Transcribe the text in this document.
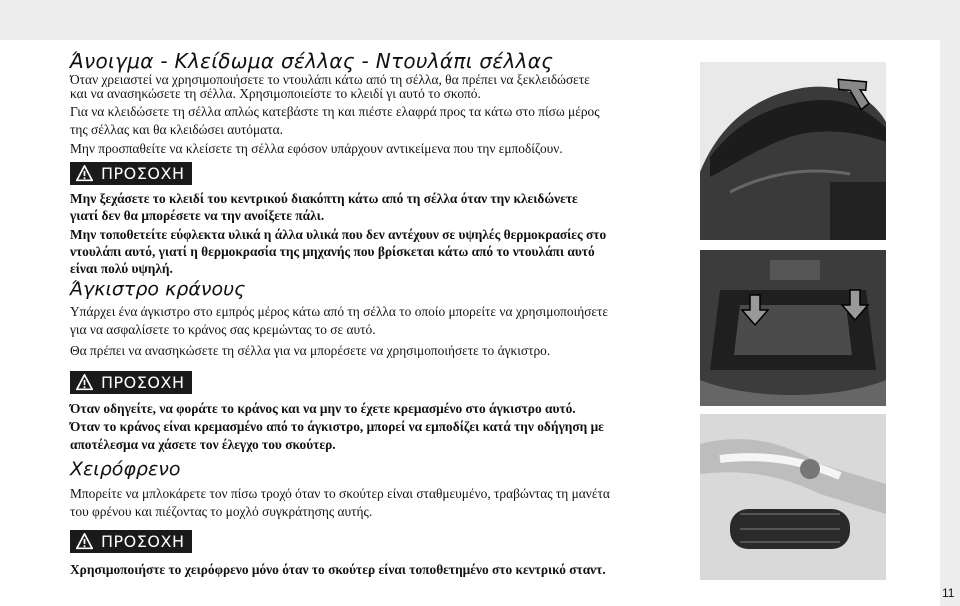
Άνοιγμα - Κλείδωμα σέλλας - Ντουλάπι σέλλας

Όταν χρειαστεί να χρησιμοποιήσετε το ντουλάπι κάτω από τη σέλλα, θα πρέπει να ξεκλειδώσετε

και να ανασηκώσετε τη σέλλα. Χρησιμοποιείστε το κλειδί γι αυτό το σκοπό.

Για να κλειδώσετε τη σέλλα απλώς κατεβάστε τη και πιέστε ελαφρά προς τα κάτω στο πίσω μέρος

της σέλλας και θα κλειδώσει αυτόματα.

Μην προσπαθείτε να κλείσετε τη σέλλα εφόσον υπάρχουν αντικείμενα που την εμποδίζουν.

ΠΡΟΣΟΧΗ

Μην ξεχάσετε το κλειδί του κεντρικού διακόπτη κάτω από τη σέλλα όταν την κλειδώνετε

γιατί δεν θα μπορέσετε να την ανοίξετε πάλι.

Μην τοποθετείτε εύφλεκτα υλικά η άλλα υλικά που δεν αντέχουν σε υψηλές θερμοκρασίες στο

ντουλάπι αυτό, γιατί η θερμοκρασία της μηχανής που βρίσκεται κάτω από το ντουλάπι αυτό

είναι πολύ υψηλή.

Άγκιστρο κράνους

Υπάρχει ένα άγκιστρο στο εμπρός μέρος κάτω από τη σέλλα το οποίο μπορείτε να χρησιμοποιήσετε

για να ασφαλίσετε το κράνος σας κρεμώντας το σε αυτό.

Θα πρέπει να ανασηκώσετε τη σέλλα για να μπορέσετε να χρησιμοποιήσετε το άγκιστρο.

ΠΡΟΣΟΧΗ

Όταν οδηγείτε, να φοράτε το κράνος και να μην το έχετε κρεμασμένο στο άγκιστρο αυτό.

Όταν το κράνος είναι κρεμασμένο από το άγκιστρο, μπορεί να εμποδίζει κατά την οδήγηση με

αποτέλεσμα να χάσετε τον έλεγχο του σκούτερ.

Χειρόφρενο

Μπορείτε να μπλοκάρετε τον πίσω τροχό όταν το σκούτερ είναι σταθμευμένο, τραβώντας τη μανέτα

του φρένου και πιέζοντας το μοχλό συγκράτησης αυτής.

ΠΡΟΣΟΧΗ

Χρησιμοποιήστε το χειρόφρενο μόνο όταν το σκούτερ είναι τοποθετημένο στο κεντρικό σταντ.

11
